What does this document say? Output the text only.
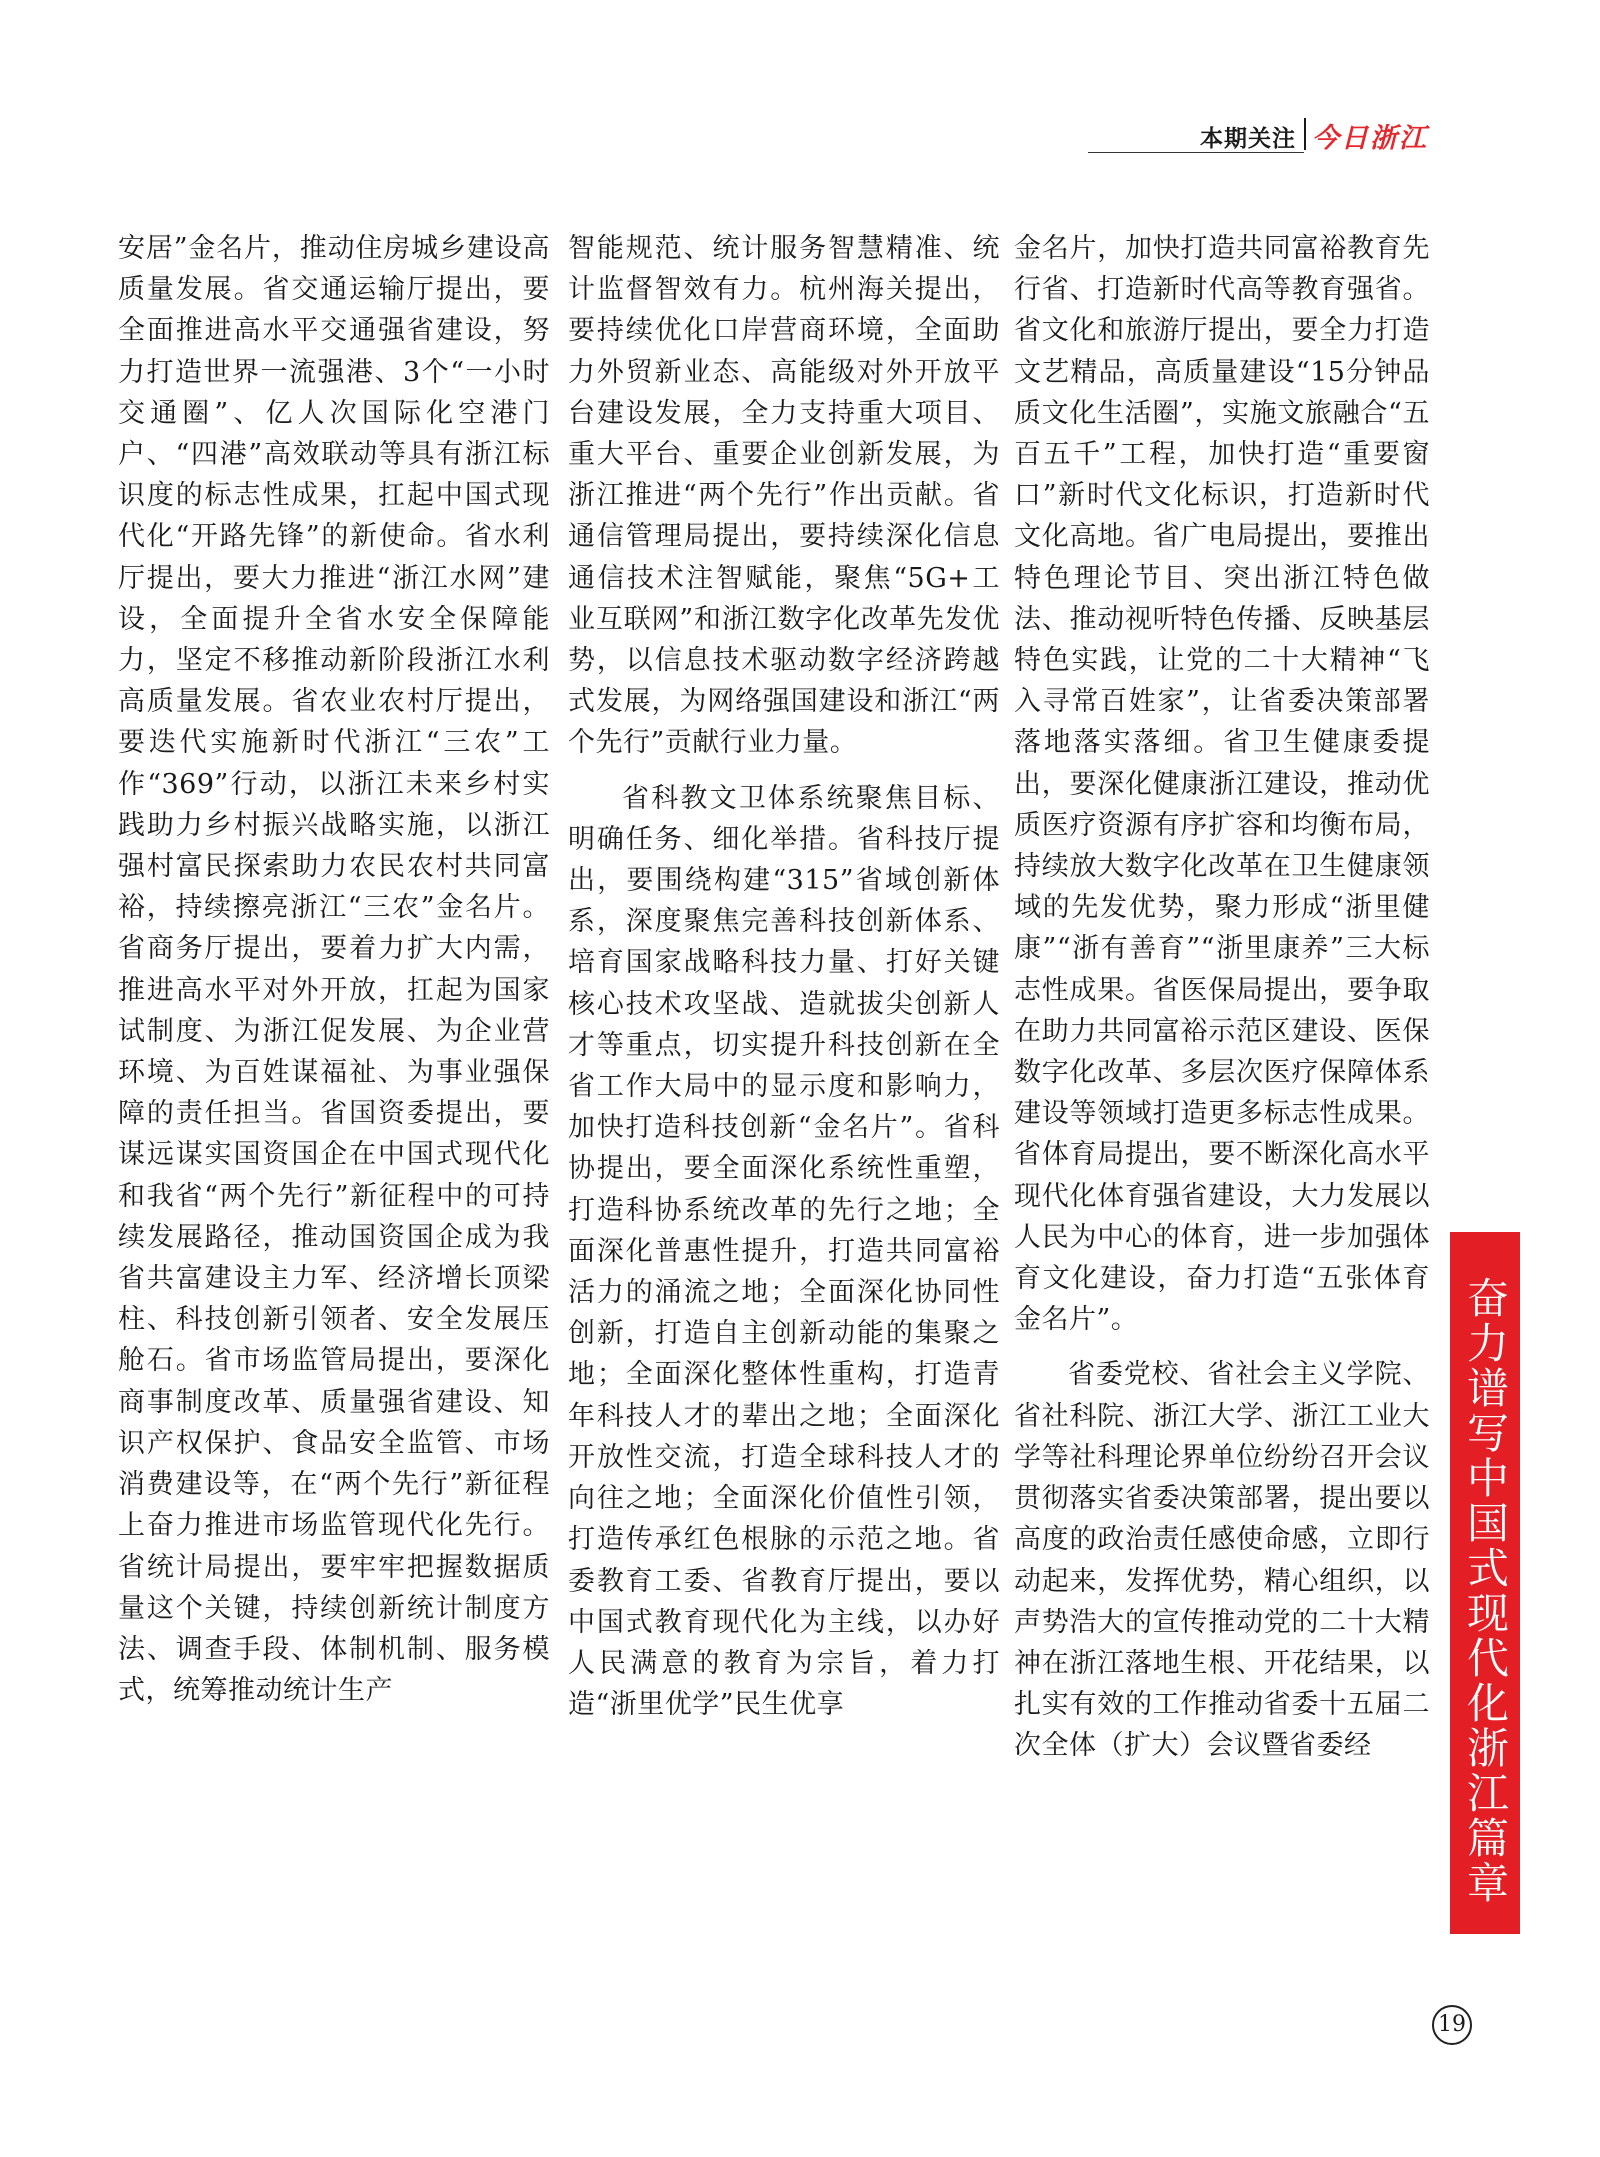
本期关注 今日浙江

安居”金名片，推动住房城乡建设高质量发展。省交通运输厅提出，要全面推进高水平交通强省建设，努力打造世界一流强港、3个“一小时交通圈”、亿人次国际化空港门户、“四港”高效联动等具有浙江标识度的标志性成果，扛起中国式现代化“开路先锋”的新使命。省水利厅提出，要大力推进“浙江水网”建设，全面提升全省水安全保障能力，坚定不移推动新阶段浙江水利高质量发展。省农业农村厅提出，要迭代实施新时代浙江“三农”工作“369”行动，以浙江未来乡村实践助力乡村振兴战略实施，以浙江强村富民探索助力农民农村共同富裕，持续擦亮浙江“三农”金名片。省商务厅提出，要着力扩大内需，推进高水平对外开放，扛起为国家试制度、为浙江促发展、为企业营环境、为百姓谋福祉、为事业强保障的责任担当。省国资委提出，要谋远谋实国资国企在中国式现代化和我省“两个先行”新征程中的可持续发展路径，推动国资国企成为我省共富建设主力军、经济增长顶梁柱、科技创新引领者、安全发展压舱石。省市场监管局提出，要深化商事制度改革、质量强省建设、知识产权保护、食品安全监管、市场消费建设等，在“两个先行”新征程上奋力推进市场监管现代化先行。省统计局提出，要牢牢把握数据质量这个关键，持续创新统计制度方法、调查手段、体制机制、服务模式，统筹推动统计生产

智能规范、统计服务智慧精准、统计监督智效有力。杭州海关提出，要持续优化口岸营商环境，全面助力外贸新业态、高能级对外开放平台建设发展，全力支持重大项目、重大平台、重要企业创新发展，为浙江推进“两个先行”作出贡献。省通信管理局提出，要持续深化信息通信技术注智赋能，聚焦“5G+工业互联网”和浙江数字化改革先发优势，以信息技术驱动数字经济跨越式发展，为网络强国建设和浙江“两个先行”贡献行业力量。

省科教文卫体系统聚焦目标、明确任务、细化举措。省科技厅提出，要围绕构建“315”省域创新体系，深度聚焦完善科技创新体系、培育国家战略科技力量、打好关键核心技术攻坚战、造就拔尖创新人才等重点，切实提升科技创新在全省工作大局中的显示度和影响力，加快打造科技创新“金名片”。省科协提出，要全面深化系统性重塑，打造科协系统改革的先行之地；全面深化普惠性提升，打造共同富裕活力的涌流之地；全面深化协同性创新，打造自主创新动能的集聚之地；全面深化整体性重构，打造青年科技人才的辈出之地；全面深化开放性交流，打造全球科技人才的向往之地；全面深化价值性引领，打造传承红色根脉的示范之地。省委教育工委、省教育厅提出，要以中国式教育现代化为主线，以办好人民满意的教育为宗旨，着力打造“浙里优学”民生优享

金名片，加快打造共同富裕教育先行省、打造新时代高等教育强省。省文化和旅游厅提出，要全力打造文艺精品，高质量建设“15分钟品质文化生活圈”，实施文旅融合“五百五千”工程，加快打造“重要窗口”新时代文化标识，打造新时代文化高地。省广电局提出，要推出特色理论节目、突出浙江特色做法、推动视听特色传播、反映基层特色实践，让党的二十大精神“飞入寻常百姓家”，让省委决策部署落地落实落细。省卫生健康委提出，要深化健康浙江建设，推动优质医疗资源有序扩容和均衡布局，持续放大数字化改革在卫生健康领域的先发优势，聚力形成“浙里健康”“浙有善育”“浙里康养”三大标志性成果。省医保局提出，要争取在助力共同富裕示范区建设、医保数字化改革、多层次医疗保障体系建设等领域打造更多标志性成果。省体育局提出，要不断深化高水平现代化体育强省建设，大力发展以人民为中心的体育，进一步加强体育文化建设，奋力打造“五张体育金名片”。

省委党校、省社会主义学院、省社科院、浙江大学、浙江工业大学等社科理论界单位纷纷召开会议贯彻落实省委决策部署，提出要以高度的政治责任感使命感，立即行动起来，发挥优势，精心组织，以声势浩大的宣传推动党的二十大精神在浙江落地生根、开花结果，以扎实有效的工作推动省委十五届二次全体（扩大）会议暨省委经	奋力谱写中国式现代化浙江篇章
19
